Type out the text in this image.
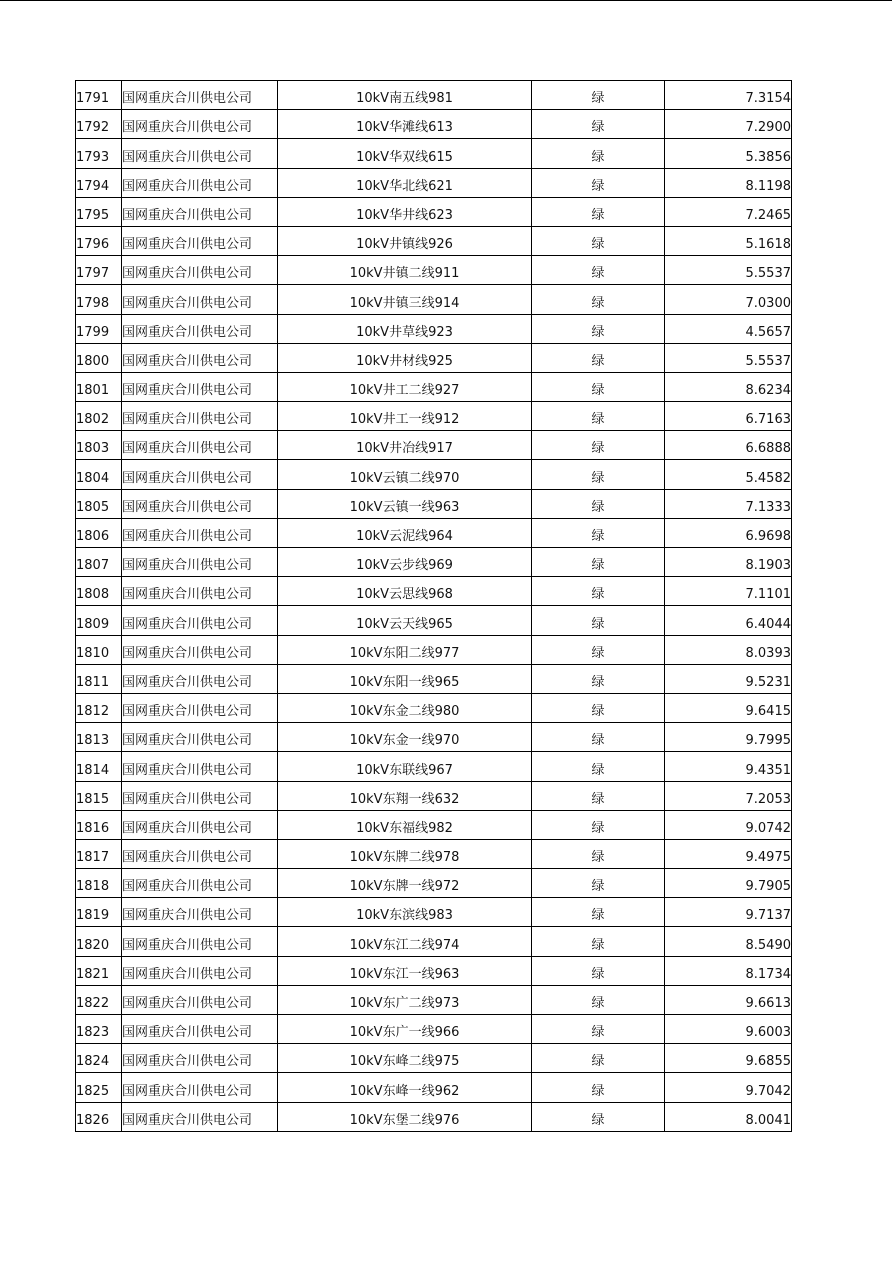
1791	国网重庆合川供电公司	10kV南五线981	绿	7.3154
1792	国网重庆合川供电公司	10kV华滩线613	绿	7.2900
1793	国网重庆合川供电公司	10kV华双线615	绿	5.3856
1794	国网重庆合川供电公司	10kV华北线621	绿	8.1198
1795	国网重庆合川供电公司	10kV华井线623	绿	7.2465
1796	国网重庆合川供电公司	10kV井镇线926	绿	5.1618
1797	国网重庆合川供电公司	10kV井镇二线911	绿	5.5537
1798	国网重庆合川供电公司	10kV井镇三线914	绿	7.0300
1799	国网重庆合川供电公司	10kV井草线923	绿	4.5657
1800	国网重庆合川供电公司	10kV井材线925	绿	5.5537
1801	国网重庆合川供电公司	10kV井工二线927	绿	8.6234
1802	国网重庆合川供电公司	10kV井工一线912	绿	6.7163
1803	国网重庆合川供电公司	10kV井冶线917	绿	6.6888
1804	国网重庆合川供电公司	10kV云镇二线970	绿	5.4582
1805	国网重庆合川供电公司	10kV云镇一线963	绿	7.1333
1806	国网重庆合川供电公司	10kV云泥线964	绿	6.9698
1807	国网重庆合川供电公司	10kV云步线969	绿	8.1903
1808	国网重庆合川供电公司	10kV云思线968	绿	7.1101
1809	国网重庆合川供电公司	10kV云天线965	绿	6.4044
1810	国网重庆合川供电公司	10kV东阳二线977	绿	8.0393
1811	国网重庆合川供电公司	10kV东阳一线965	绿	9.5231
1812	国网重庆合川供电公司	10kV东金二线980	绿	9.6415
1813	国网重庆合川供电公司	10kV东金一线970	绿	9.7995
1814	国网重庆合川供电公司	10kV东联线967	绿	9.4351
1815	国网重庆合川供电公司	10kV东翔一线632	绿	7.2053
1816	国网重庆合川供电公司	10kV东福线982	绿	9.0742
1817	国网重庆合川供电公司	10kV东牌二线978	绿	9.4975
1818	国网重庆合川供电公司	10kV东牌一线972	绿	9.7905
1819	国网重庆合川供电公司	10kV东滨线983	绿	9.7137
1820	国网重庆合川供电公司	10kV东江二线974	绿	8.5490
1821	国网重庆合川供电公司	10kV东江一线963	绿	8.1734
1822	国网重庆合川供电公司	10kV东广二线973	绿	9.6613
1823	国网重庆合川供电公司	10kV东广一线966	绿	9.6003
1824	国网重庆合川供电公司	10kV东峰二线975	绿	9.6855
1825	国网重庆合川供电公司	10kV东峰一线962	绿	9.7042
1826	国网重庆合川供电公司	10kV东堡二线976	绿	8.0041
